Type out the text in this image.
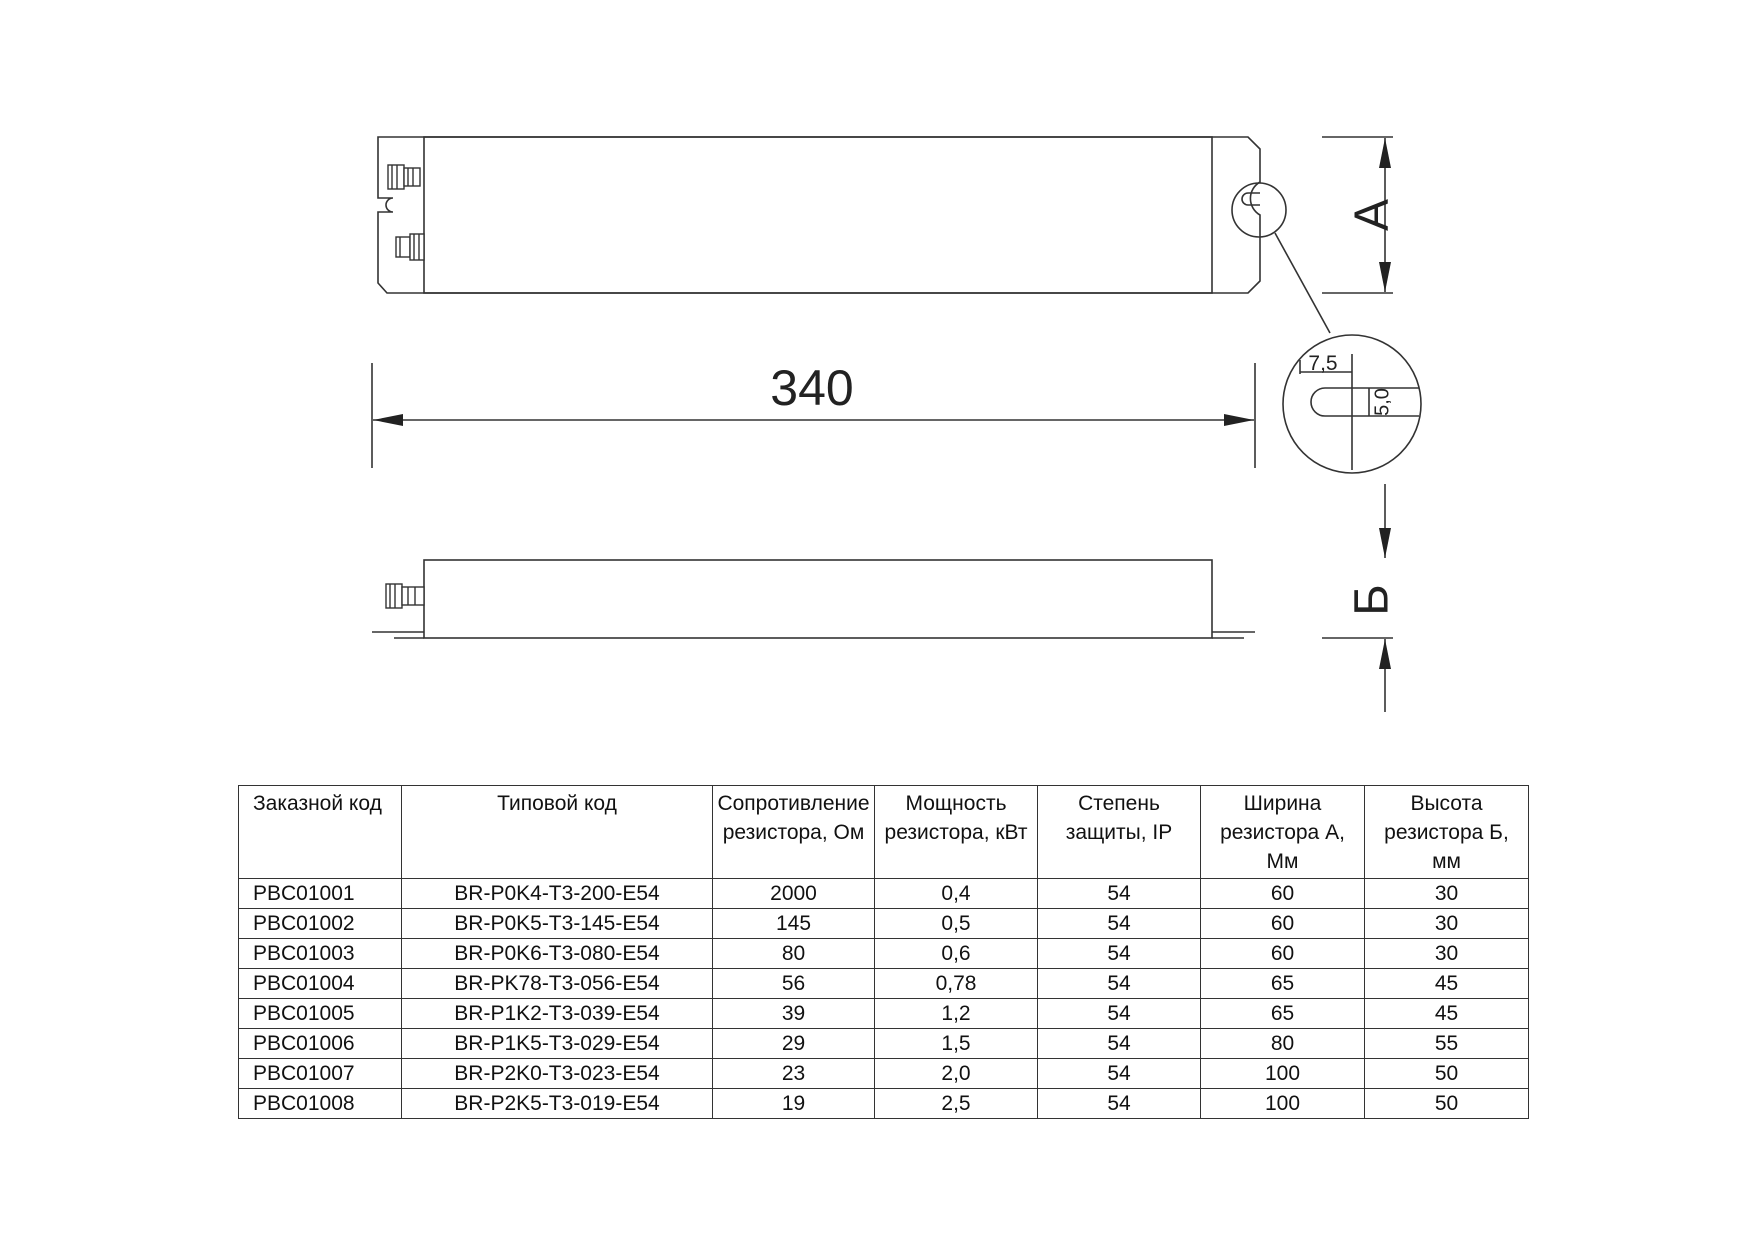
340
А
7,5
5,0
Б
Заказной код	Типовой код	Сопротивление резистора, Ом	Мощность резистора, кВт	Степень защиты, IP	Ширина резистора А, Мм	Высота резистора Б, мм
PBC01001	BR-P0K4-T3-200-E54	2000	0,4	54	60	30
PBC01002	BR-P0K5-T3-145-E54	145	0,5	54	60	30
PBC01003	BR-P0K6-T3-080-E54	80	0,6	54	60	30
PBC01004	BR-PK78-T3-056-E54	56	0,78	54	65	45
PBC01005	BR-P1K2-T3-039-E54	39	1,2	54	65	45
PBC01006	BR-P1K5-T3-029-E54	29	1,5	54	80	55
PBC01007	BR-P2K0-T3-023-E54	23	2,0	54	100	50
PBC01008	BR-P2K5-T3-019-E54	19	2,5	54	100	50
